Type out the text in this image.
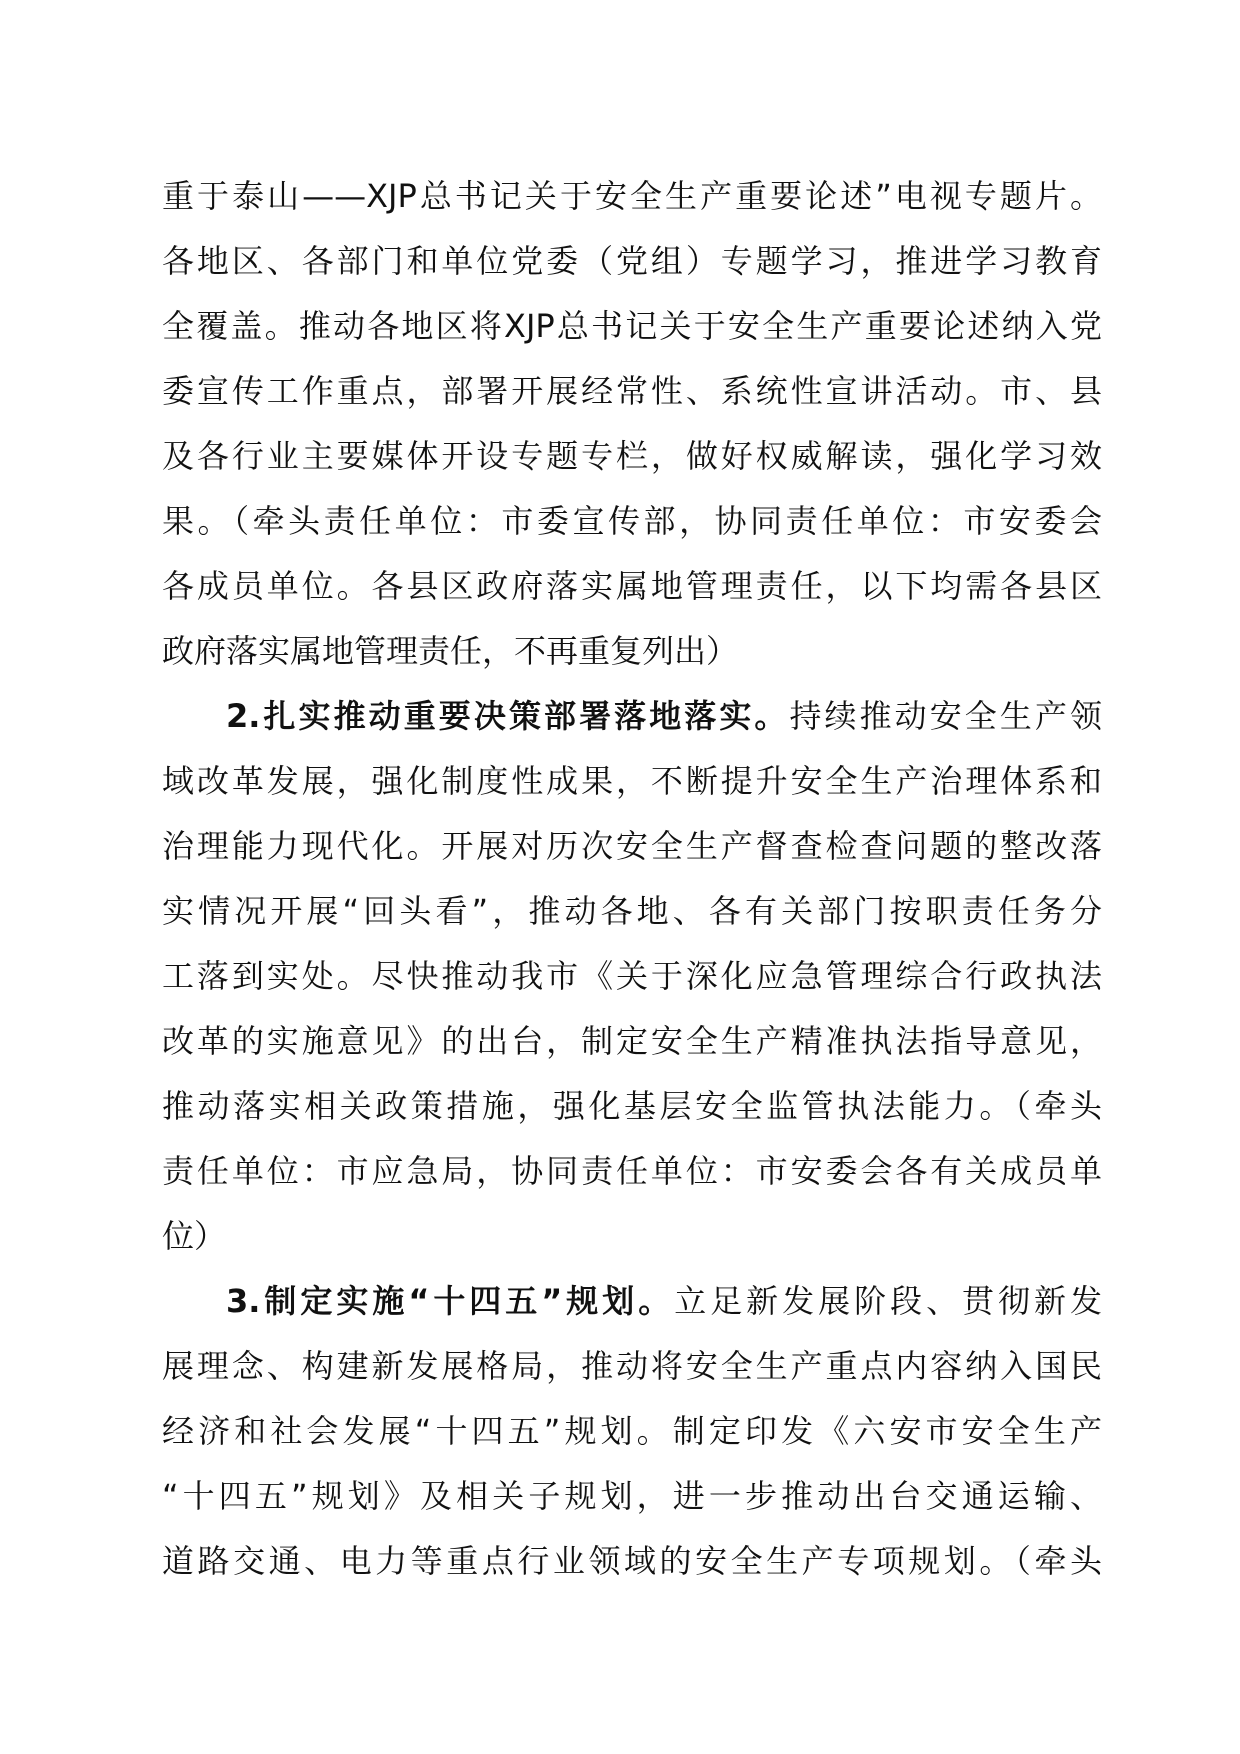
重于泰山——XJP总书记关于安全生产重要论述”电视专题片。
各地区、各部门和单位党委（党组）专题学习，推进学习教育
全覆盖。推动各地区将XJP总书记关于安全生产重要论述纳入党
委宣传工作重点，部署开展经常性、系统性宣讲活动。市、县
及各行业主要媒体开设专题专栏，做好权威解读，强化学习效
果。（牵头责任单位：市委宣传部，协同责任单位：市安委会
各成员单位。各县区政府落实属地管理责任，以下均需各县区
政府落实属地管理责任，不再重复列出）
2.扎实推动重要决策部署落地落实。持续推动安全生产领
域改革发展，强化制度性成果，不断提升安全生产治理体系和
治理能力现代化。开展对历次安全生产督查检查问题的整改落
实情况开展“回头看”，推动各地、各有关部门按职责任务分
工落到实处。尽快推动我市《关于深化应急管理综合行政执法
改革的实施意见》的出台，制定安全生产精准执法指导意见，
推动落实相关政策措施，强化基层安全监管执法能力。（牵头
责任单位：市应急局，协同责任单位：市安委会各有关成员单
位）
3.制定实施“十四五”规划。立足新发展阶段、贯彻新发
展理念、构建新发展格局，推动将安全生产重点内容纳入国民
经济和社会发展“十四五”规划。制定印发《六安市安全生产
“十四五”规划》及相关子规划，进一步推动出台交通运输、
道路交通、电力等重点行业领域的安全生产专项规划。（牵头
